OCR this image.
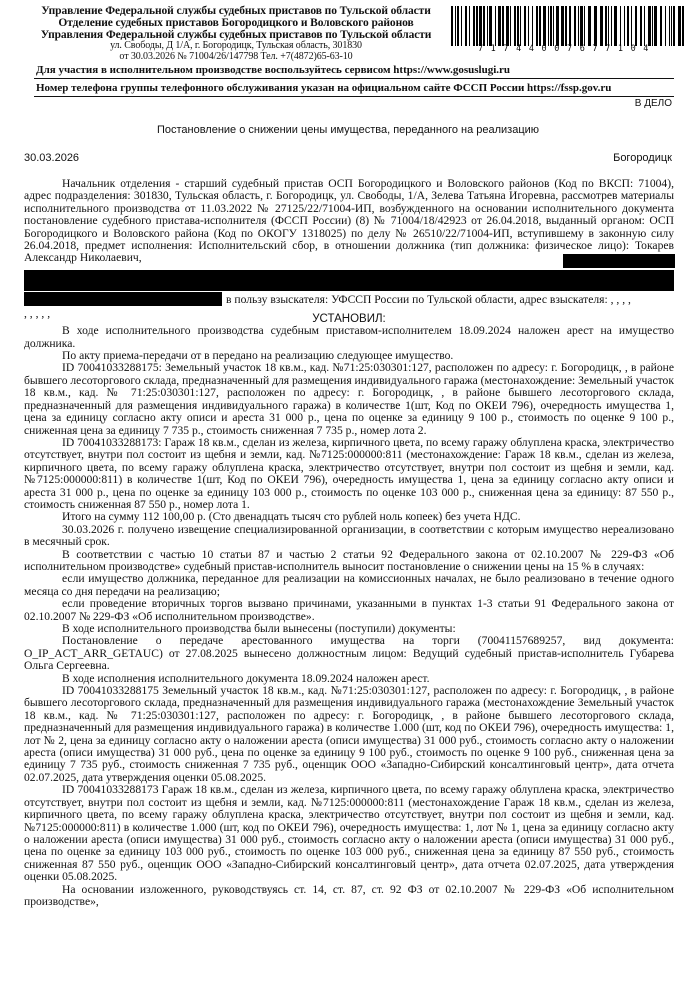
Управление Федеральной службы судебных приставов по Тульской области
Отделение судебных приставов Богородицкого и Воловского районов
Управления Федеральной службы судебных приставов по Тульской области
ул. Свободы, Д 1/А, г. Богородицк, Тульская область, 301830
от 30.03.2026 № 71004/26/147798 Тел. +7(4872)65-63-10
71744007677104
Для участия в исполнительном производстве воспользуйтесь сервисом https://www.gosuslugi.ru
Номер телефона группы телефонного обслуживания указан на официальном сайте ФССП России https://fssp.gov.ru
В ДЕЛО
Постановление о снижении цены имущества, переданного на реализацию
30.03.2026	Богородицк

Начальник отделения - старший судебный пристав ОСП Богородицкого и Воловского районов (Код по ВКСП: 71004), адрес подразделения: 301830, Тульская область, г. Богородицк, ул. Свободы, 1/А, Зелева Татьяна Игоревна, рассмотрев материалы исполнительного производства от 11.03.2022 № 27125/22/71004-ИП, возбужденного на основании исполнительного документа постановление судебного пристава-исполнителя (ФССП России) (8) № 71004/18/42923 от 26.04.2018, выданный органом: ОСП Богородицкого и Воловского района (Код по ОКОГУ 1318025) по делу № 26510/22/71004-ИП, вступившему в законную силу 26.04.2018, предмет исполнения: Исполнительский сбор, в отношении должника (тип должника: физическое лицо): Токарев Александр Николаевич,

УСТАНОВИЛ:

В ходе исполнительного производства судебным приставом-исполнителем 18.09.2024 наложен арест на имущество должника.

По акту приема-передачи от в передано на реализацию следующее имущество.

ID 70041033288175: Земельный участок 18 кв.м., кад. №71:25:030301:127, расположен по адресу: г. Богородицк, , в районе бывшего лесоторгового склада, предназначенный для размещения индивидуального гаража (местонахождение: Земельный участок 18 кв.м., кад. № 71:25:030301:127, расположен по адресу: г. Богородицк, , в районе бывшего лесоторгового склада, предназначенный для размещения индивидуального гаража) в количестве 1(шт, Код по ОКЕИ 796), очередность имущества 1, цена за единицу согласно акту описи и ареста 31 000 р., цена по оценке за единицу 9 100 р., стоимость по оценке 9 100 р., сниженная цена за единицу 7 735 р., стоимость сниженная 7 735 р., номер лота 2.

ID 70041033288173: Гараж 18 кв.м., сделан из железа, кирпичного цвета, по всему гаражу облуплена краска, электричество отсутствует, внутри пол состоит из щебня и земли, кад. №7125:000000:811 (местонахождение: Гараж 18 кв.м., сделан из железа, кирпичного цвета, по всему гаражу облуплена краска, электричество отсутствует, внутри пол состоит из щебня и земли, кад. №7125:000000:811) в количестве 1(шт, Код по ОКЕИ 796), очередность имущества 1, цена за единицу согласно акту описи и ареста 31 000 р., цена по оценке за единицу 103 000 р., стоимость по оценке 103 000 р., сниженная цена за единицу: 87 550 р., стоимость сниженная 87 550 р., номер лота 1.

Итого на сумму 112 100,00 р. (Сто двенадцать тысяч сто рублей ноль копеек) без учета НДС.

30.03.2026 г. получено извещение специализированной организации, в соответствии с которым имущество нереализовано в месячный срок.

В соответствии с частью 10 статьи 87 и частью 2 статьи 92 Федерального закона от 02.10.2007 № 229-ФЗ «Об исполнительном производстве» судебный пристав-исполнитель выносит постановление о снижении цены на 15 % в случаях:

если имущество должника, переданное для реализации на комиссионных началах, не было реализовано в течение одного месяца со дня передачи на реализацию;

если проведение вторичных торгов вызвано причинами, указанными в пунктах 1-3 статьи 91 Федерального закона от 02.10.2007 № 229-ФЗ «Об исполнительном производстве».

В ходе исполнительного производства были вынесены (поступили) документы:

Постановление о передаче арестованного имущества на торги (70041157689257, вид документа: O_IP_ACT_ARR_GETAUC) от 27.08.2025 вынесено должностным лицом: Ведущий судебный пристав-исполнитель Губарева Ольга Сергеевна.

В ходе исполнения исполнительного документа 18.09.2024 наложен арест.

ID 70041033288175 Земельный участок 18 кв.м., кад. №71:25:030301:127, расположен по адресу: г. Богородицк, , в районе бывшего лесоторгового склада, предназначенный для размещения индивидуального гаража (местонахождение Земельный участок 18 кв.м., кад. № 71:25:030301:127, расположен по адресу: г. Богородицк, , в районе бывшего лесоторгового склада, предназначенный для размещения индивидуального гаража) в количестве 1.000 (шт, код по ОКЕИ 796), очередность имущества: 1, лот № 2, цена за единицу согласно акту о наложении ареста (описи имущества) 31 000 руб., стоимость согласно акту о наложении ареста (описи имущества) 31 000 руб., цена по оценке за единицу 9 100 руб., стоимость по оценке 9 100 руб., сниженная цена за единицу 7 735 руб., стоимость сниженная 7 735 руб., оценщик ООО «Западно-Сибирский консалтинговый центр», дата отчета 02.07.2025, дата утверждения оценки 05.08.2025.

ID 70041033288173 Гараж 18 кв.м., сделан из железа, кирпичного цвета, по всему гаражу облуплена краска, электричество отсутствует, внутри пол состоит из щебня и земли, кад. №7125:000000:811 (местонахождение Гараж 18 кв.м., сделан из железа, кирпичного цвета, по всему гаражу облуплена краска, электричество отсутствует, внутри пол состоит из щебня и земли, кад. №7125:000000:811) в количестве 1.000 (шт, код по ОКЕИ 796), очередность имущества: 1, лот № 1, цена за единицу согласно акту о наложении ареста (описи имущества) 31 000 руб., стоимость согласно акту о наложении ареста (описи имущества) 31 000 руб., цена по оценке за единицу 103 000 руб., стоимость по оценке 103 000 руб., сниженная цена за единицу 87 550 руб., стоимость сниженная 87 550 руб., оценщик ООО «Западно-Сибирский консалтинговый центр», дата отчета 02.07.2025, дата утверждения оценки 05.08.2025.

На основании изложенного, руководствуясь ст. 14, ст. 87, ст. 92 ФЗ от 02.10.2007 № 229-ФЗ «Об исполнительном производстве»,

в пользу взыскателя: УФССП России по Тульской области, адрес взыскателя: , , , ,
, , , , ,
